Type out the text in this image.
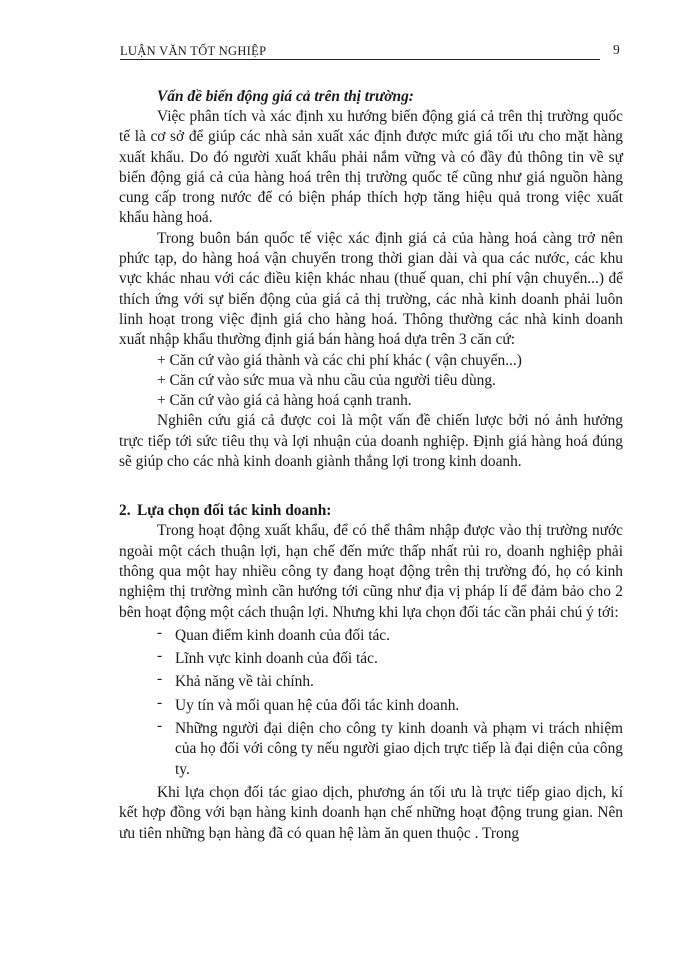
LUẬN VĂN TỐT NGHIỆP	9

Vấn đề biến động giá cả trên thị trường:

Việc phân tích và xác định xu hướng biến động giá cả trên thị trường quốc tế là cơ sở để giúp các nhà sản xuất xác định được mức giá tối ưu cho mặt hàng xuất khẩu. Do đó người xuất khẩu phải nắm vững và có đầy đủ thông tin về sự biến động giá cả của hàng hoá trên thị trường quốc tế cũng như giá nguồn hàng cung cấp trong nước để có biện pháp thích hợp tăng hiệu quả trong việc xuất khẩu hàng hoá.

Trong buôn bán quốc tế việc xác định giá cả của hàng hoá càng trở nên phức tạp, do hàng hoá vận chuyển trong thời gian dài và qua các nước, các khu vực khác nhau với các điều kiện khác nhau (thuế quan, chi phí vận chuyển...) để thích ứng với sự biến động của giá cả thị trường, các nhà kinh doanh phải luôn linh hoạt trong việc định giá cho hàng hoá. Thông thường các nhà kinh doanh xuất nhập khẩu thường định giá bán hàng hoá dựa trên 3 căn cứ:

+ Căn cứ vào giá thành và các chi phí khác ( vận chuyển...)

+ Căn cứ vào sức mua và nhu cầu của người tiêu dùng.

+ Căn cứ vào giá cả hàng hoá cạnh tranh.

Nghiên cứu giá cả được coi là một vấn đề chiến lược bởi nó ảnh hưởng trực tiếp tới sức tiêu thụ và lợi nhuận của doanh nghiệp. Định giá hàng hoá đúng sẽ giúp cho các nhà kinh doanh giành thắng lợi trong kinh doanh.

2. Lựa chọn đối tác kinh doanh:

Trong hoạt động xuất khẩu, để có thể thâm nhập được vào thị trường nước ngoài một cách thuận lợi, hạn chế đến mức thấp nhất rủi ro, doanh nghiệp phải thông qua một hay nhiều công ty đang hoạt động trên thị trường đó, họ có kinh nghiệm thị trường mình cần hướng tới cũng như địa vị pháp lí để đảm bảo cho 2 bên hoạt động một cách thuận lợi. Nhưng khi lựa chọn đối tác cần phải chú ý tới:

- Quan điểm kinh doanh của đối tác.
- Lĩnh vực kinh doanh của đối tác.
- Khả năng về tài chính.
- Uy tín và mối quan hệ của đối tác kinh doanh.
- Những người đại diện cho công ty kinh doanh và phạm vi trách nhiệm của họ đối với công ty nếu người giao dịch trực tiếp là đại diện của công ty.

Khi lựa chọn đối tác giao dịch, phương án tối ưu là trực tiếp giao dịch, kí kết hợp đồng với bạn hàng kinh doanh hạn chế những hoạt động trung gian. Nên ưu tiên những bạn hàng đã có quan hệ làm ăn quen thuộc . Trong
